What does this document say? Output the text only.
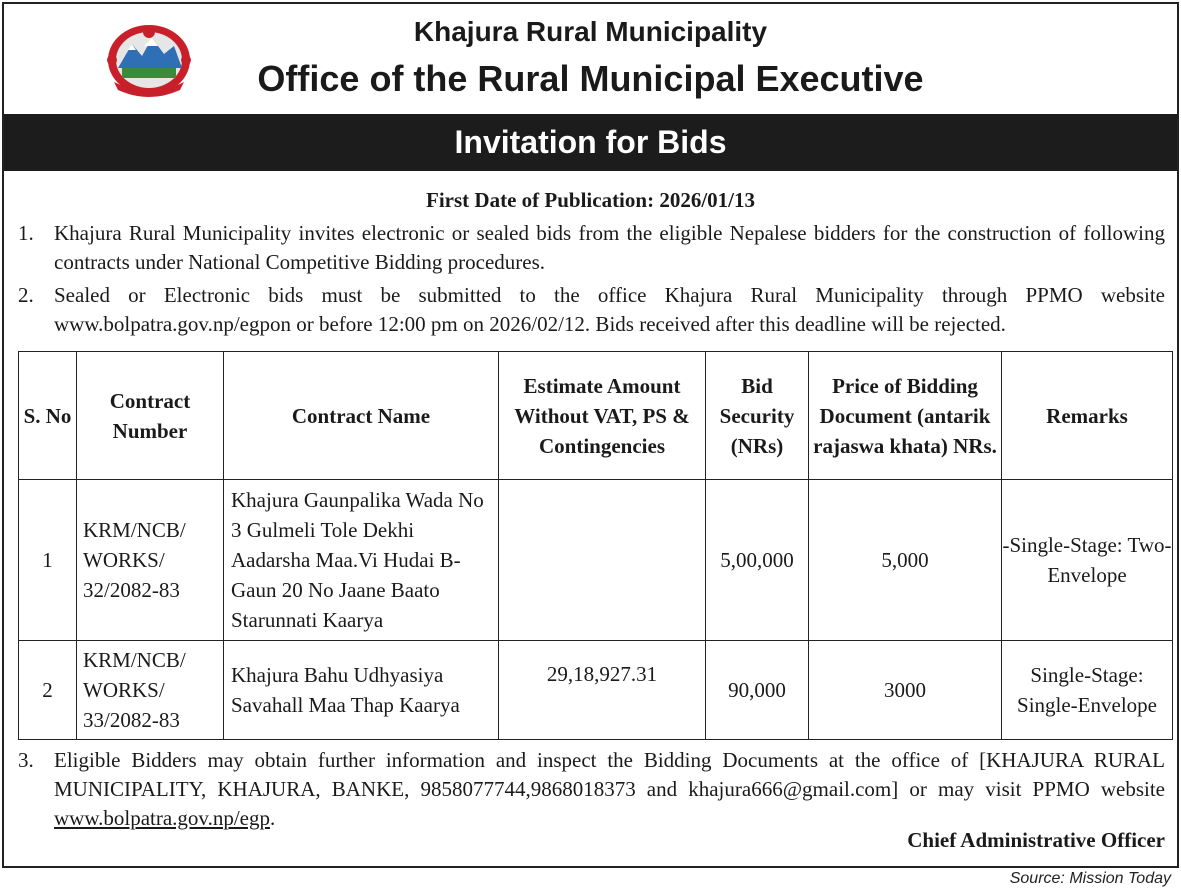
Khajura Rural Municipality
Office of the Rural Municipal Executive
Invitation for Bids
First Date of Publication: 2026/01/13
1. Khajura Rural Municipality invites electronic or sealed bids from the eligible Nepalese bidders for the construction of following contracts under National Competitive Bidding procedures.
2. Sealed or Electronic bids must be submitted to the office Khajura Rural Municipality through PPMO website www.bolpatra.gov.np/egpon or before 12:00 pm on 2026/02/12. Bids received after this deadline will be rejected.
S. No	Contract Number	Contract Name	Estimate Amount Without VAT, PS & Contingencies	Bid Security (NRs)	Price of Bidding Document (antarik rajaswa khata) NRs.	Remarks
1	KRM/NCB/ WORKS/ 32/2082-83	Khajura Gaunpalika Wada No 3 Gulmeli Tole Dekhi Aadarsha Maa.Vi Hudai B-Gaun 20 No Jaane Baato Starunnati Kaarya		5,00,000	5,000	-Single-Stage: Two-Envelope
2	KRM/NCB/ WORKS/ 33/2082-83	Khajura Bahu Udhyasiya Savahall Maa Thap Kaarya	29,18,927.31	90,000	3000	Single-Stage: Single-Envelope
3. Eligible Bidders may obtain further information and inspect the Bidding Documents at the office of [KHAJURA RURAL MUNICIPALITY, KHAJURA, BANKE, 9858077744,9868018373 and khajura666@gmail.com] or may visit PPMO website www.bolpatra.gov.np/egp.
Chief Administrative Officer
Source: Mission Today
